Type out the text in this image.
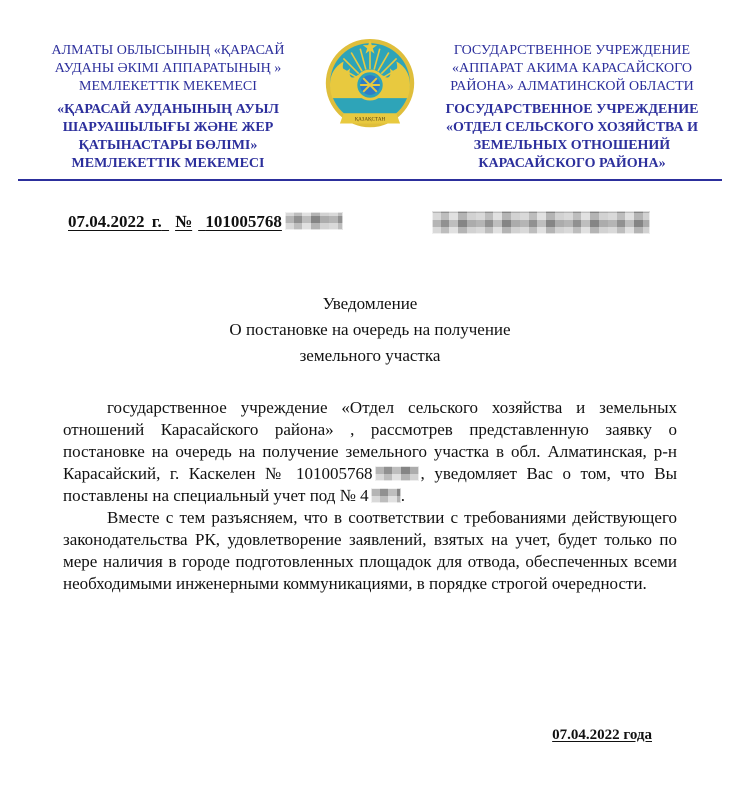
АЛМАТЫ ОБЛЫСЫНЫҢ «ҚАРАСАЙ
АУДАНЫ ӘКІМІ АППАРАТЫНЫҢ »
МЕМЛЕКЕТТІК МЕКЕМЕСІ
«ҚАРАСАЙ АУДАНЫНЫҢ АУЫЛ
ШАРУАШЫЛЫҒЫ ЖӘНЕ ЖЕР
ҚАТЫНАСТАРЫ БӨЛІМІ»
МЕМЛЕКЕТТІК МЕКЕМЕСІ
ҚАЗАҚСТАН
ГОСУДАРСТВЕННОЕ УЧРЕЖДЕНИЕ
«АППАРАТ АКИМА КАРАСАЙСКОГО
РАЙОНА» АЛМАТИНСКОЙ ОБЛАСТИ
ГОСУДАРСТВЕННОЕ УЧРЕЖДЕНИЕ
«ОТДЕЛ СЕЛЬСКОГО ХОЗЯЙСТВА И
ЗЕМЕЛЬНЫХ ОТНОШЕНИЙ
КАРАСАЙСКОГО РАЙОНА»
07.04.2022 г. № 101005768
Уведомление
О постановке на очередь на получение
земельного участка

государственное учреждение «Отдел сельского хозяйства и земельных отношений Карасайского района» , рассмотрев представленную заявку о постановке на очередь на получение земельного участка в обл. Алматинская, р-н Карасайский, г. Каскелен № 101005768	, уведомляет Вас о том, что Вы поставлены на специальный учет под № 4 .

Вместе с тем разъясняем, что в соответствии с требованиями действующего законодательства РК, удовлетворение заявлений, взятых на учет, будет только по мере наличия в городе подготовленных площадок для отвода, обеспеченных всеми необходимыми инженерными коммуникациями, в порядке строгой очередности.

07.04.2022 года
